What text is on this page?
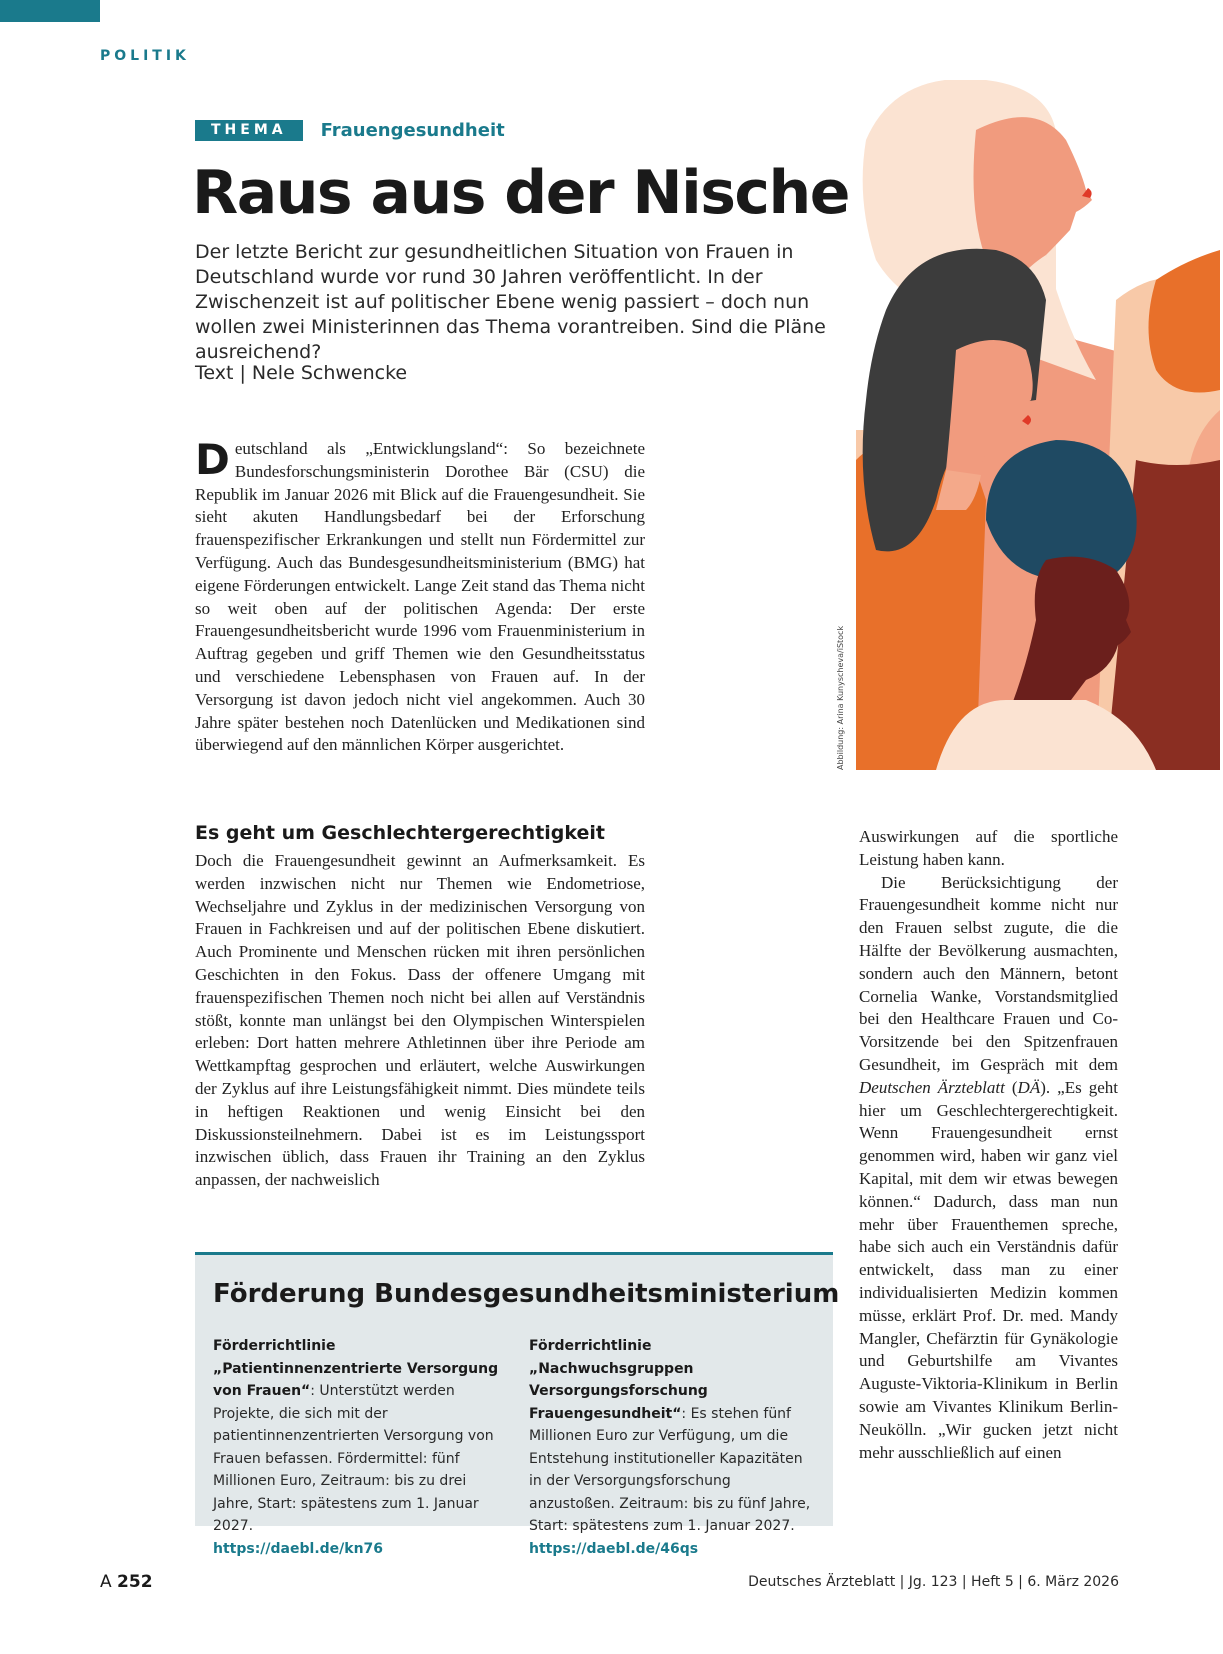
POLITIK
THEMA	Frauengesundheit
Raus aus der Nische

Der letzte Bericht zur gesundheitlichen Situation von Frauen in Deutschland wurde vor rund 30 Jahren veröffentlicht. In der Zwischenzeit ist auf politischer Ebene wenig passiert – doch nun wollen zwei Ministerinnen das Thema vorantreiben. Sind die Pläne ausreichend?

Text | Nele Schwencke
Abbildung: Arina Kunyscheva/iStock
D eutschland als „Entwicklungsland“: So bezeichnete Bundesforschungsministerin Dorothee Bär (CSU) die Republik im Januar 2026 mit Blick auf die Frauengesundheit. Sie sieht akuten Handlungsbedarf bei der Erforschung frauenspezifischer Erkrankungen und stellt nun Fördermittel zur Verfügung. Auch das Bundesgesundheitsministerium (BMG) hat eigene Förderungen entwickelt. Lange Zeit stand das Thema nicht so weit oben auf der politischen Agenda: Der erste Frauengesundheitsbericht wurde 1996 vom Frauenministerium in Auftrag gegeben und griff Themen wie den Gesundheitsstatus und verschiedene Lebensphasen von Frauen auf. In der Versorgung ist davon jedoch nicht viel angekommen. Auch 30 Jahre später bestehen noch Datenlücken und Medikationen sind überwiegend auf den männlichen Körper ausgerichtet.

Es geht um Geschlechtergerechtigkeit

Doch die Frauengesundheit gewinnt an Aufmerksamkeit. Es werden inzwischen nicht nur Themen wie Endometriose, Wechseljahre und Zyklus in der medizinischen Versorgung von Frauen in Fachkreisen und auf der politischen Ebene diskutiert. Auch Prominente und Menschen rücken mit ihren persönlichen Geschichten in den Fokus. Dass der offenere Umgang mit frauenspezifischen Themen noch nicht bei allen auf Verständnis stößt, konnte man unlängst bei den Olympischen Winterspielen erleben: Dort hatten mehrere Athletinnen über ihre Periode am Wettkampftag gesprochen und erläutert, welche Auswirkungen der Zyklus auf ihre Leistungsfähigkeit nimmt. Dies mündete teils in heftigen Reaktionen und wenig Einsicht bei den Diskussionsteilnehmern. Dabei ist es im Leistungssport inzwischen üblich, dass Frauen ihr Training an den Zyklus anpassen, der nachweislich

Auswirkungen auf die sportliche Leistung haben kann.

Die Berücksichtigung der Frauengesundheit komme nicht nur den Frauen selbst zugute, die die Hälfte der Bevölkerung ausmachten, sondern auch den Männern, betont Cornelia Wanke, Vorstandsmitglied bei den Healthcare Frauen und Co-Vorsitzende bei den Spitzenfrauen Gesundheit, im Gespräch mit dem Deutschen Ärzteblatt (DÄ). „Es geht hier um Geschlechtergerechtigkeit. Wenn Frauengesundheit ernst genommen wird, haben wir ganz viel Kapital, mit dem wir etwas bewegen können.“ Dadurch, dass man nun mehr über Frauenthemen spreche, habe sich auch ein Verständnis dafür entwickelt, dass man zu einer individualisierten Medizin kommen müsse, erklärt Prof. Dr. med. Mandy Mangler, Chefärztin für Gynäkologie und Geburtshilfe am Vivantes Auguste-Viktoria-Klinikum in Berlin sowie am Vivantes Klinikum Berlin-Neukölln. „Wir gucken jetzt nicht mehr ausschließlich auf einen

Förderung Bundesgesundheitsministerium
Förderrichtlinie „Patientinnenzentrierte Versorgung von Frauen“: Unterstützt werden Projekte, die sich mit der patientinnenzentrierten Versorgung von Frauen befassen. Fördermittel: fünf Millionen Euro, Zeitraum: bis zu drei Jahre, Start: spätestens zum 1. Januar 2027.
https://daebl.de/kn76
Förderrichtlinie „Nachwuchsgruppen Versorgungsforschung Frauengesundheit“: Es stehen fünf Millionen Euro zur Verfügung, um die Entstehung institutioneller Kapazitäten in der Versorgungsforschung anzustoßen. Zeitraum: bis zu fünf Jahre, Start: spätestens zum 1. Januar 2027.
https://daebl.de/46qs
A 252	Deutsches Ärzteblatt | Jg. 123 | Heft 5 | 6. März 2026
